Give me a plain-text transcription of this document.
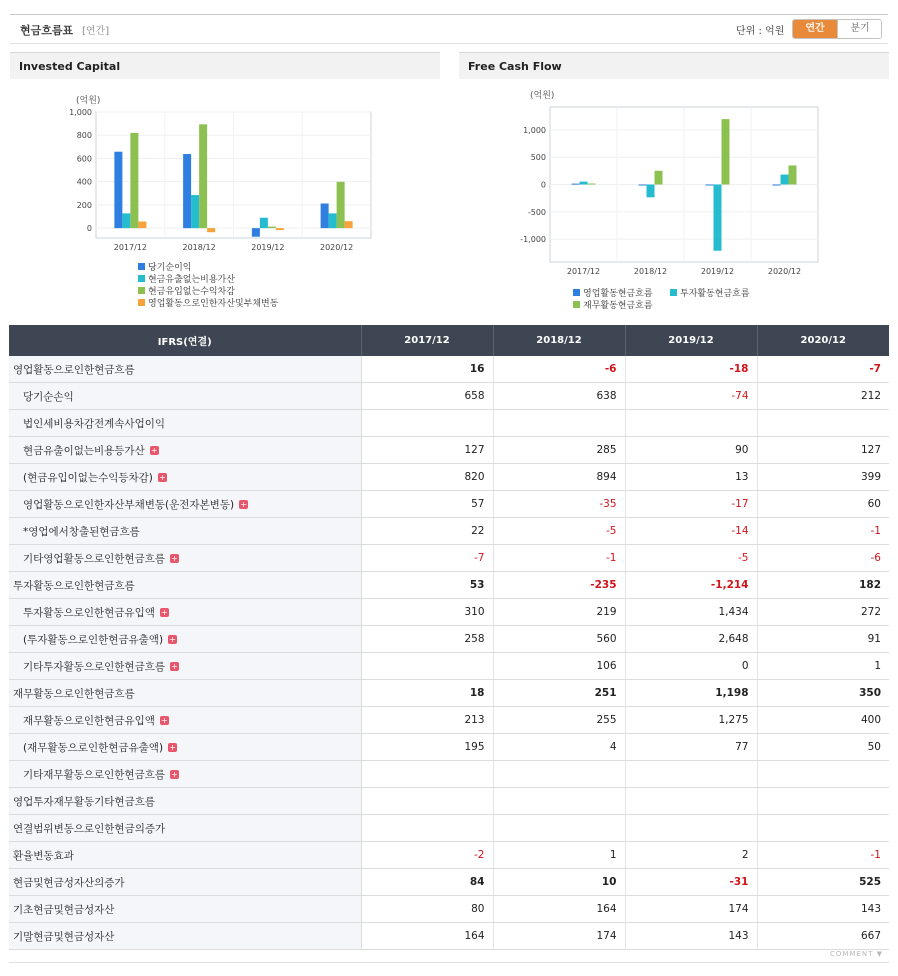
현금흐름표 [연간]	단위 : 억원	연간	분기
Invested Capital
(억원)
1,000
800
600
400
200
0
2017/12	2018/12	2019/12	2020/12
당기순이익
현금유출없는비용가산
현금유입없는수익차감
영업활동으로인한자산및부채변동
Free Cash Flow
(억원)
1,000
500
0
-500
-1,000
2017/12	2018/12	2019/12	2020/12
영업활동현금흐름	투자활동현금흐름
재무활동현금흐름
IFRS(연결)	2017/12	2018/12	2019/12	2020/12
영업활동으로인한현금흐름	16	-6	-18	-7
당기순손익	658	638	-74	212
법인세비용차감전계속사업이익				
현금유출이없는비용등가산 +	127	285	90	127
(현금유입이없는수익등차감) +	820	894	13	399
영업활동으로인한자산부채변동(운전자본변동) +	57	-35	-17	60
*영업에서창출된현금흐름	22	-5	-14	-1
기타영업활동으로인한현금흐름 +	-7	-1	-5	-6
투자활동으로인한현금흐름	53	-235	-1,214	182
투자활동으로인한현금유입액 +	310	219	1,434	272
(투자활동으로인한현금유출액) +	258	560	2,648	91
기타투자활동으로인한현금흐름 +		106	0	1
재무활동으로인한현금흐름	18	251	1,198	350
재무활동으로인한현금유입액 +	213	255	1,275	400
(재무활동으로인한현금유출액) +	195	4	77	50
기타재무활동으로인한현금흐름 +				
영업투자재무활동기타현금흐름				
연결범위변동으로인한현금의증가				
환율변동효과	-2	1	2	-1
현금및현금성자산의증가	84	10	-31	525
기초현금및현금성자산	80	164	174	143
기말현금및현금성자산	164	174	143	667
COMMENT ▼
